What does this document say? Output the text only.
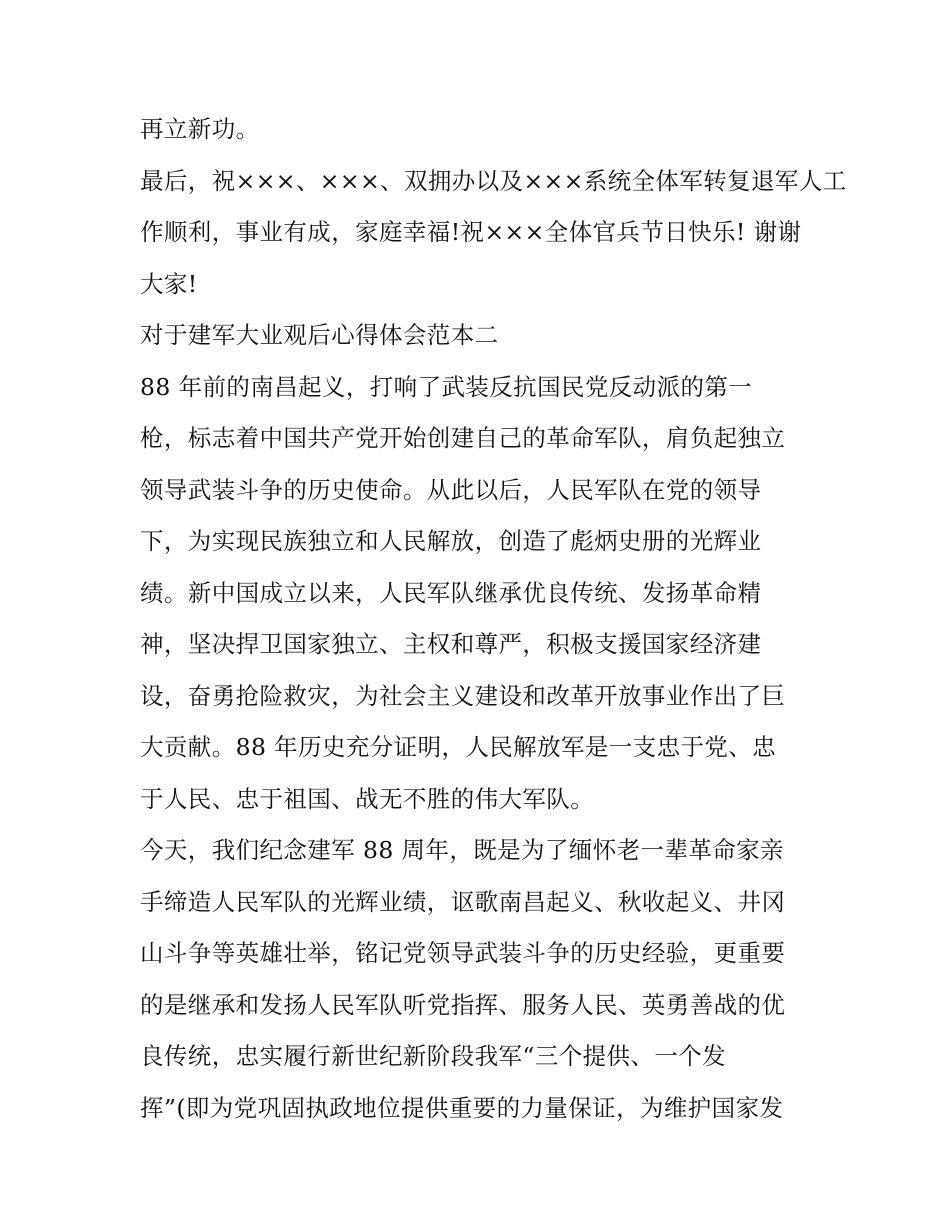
再立新功。
最后，祝×××、×××、双拥办以及×××系统全体军转复退军人工
作顺利，事业有成，家庭幸福!祝×××全体官兵节日快乐! 谢谢
大家!
对于建军大业观后心得体会范本二
88 年前的南昌起义，打响了武装反抗国民党反动派的第一
枪，标志着中国共产党开始创建自己的革命军队，肩负起独立
领导武装斗争的历史使命。从此以后，人民军队在党的领导
下，为实现民族独立和人民解放，创造了彪炳史册的光辉业
绩。新中国成立以来，人民军队继承优良传统、发扬革命精
神，坚决捍卫国家独立、主权和尊严，积极支援国家经济建
设，奋勇抢险救灾，为社会主义建设和改革开放事业作出了巨
大贡献。88 年历史充分证明，人民解放军是一支忠于党、忠
于人民、忠于祖国、战无不胜的伟大军队。
今天，我们纪念建军 88 周年，既是为了缅怀老一辈革命家亲
手缔造人民军队的光辉业绩，讴歌南昌起义、秋收起义、井冈
山斗争等英雄壮举，铭记党领导武装斗争的历史经验，更重要
的是继承和发扬人民军队听党指挥、服务人民、英勇善战的优
良传统，忠实履行新世纪新阶段我军“三个提供、一个发
挥”(即为党巩固执政地位提供重要的力量保证，为维护国家发
